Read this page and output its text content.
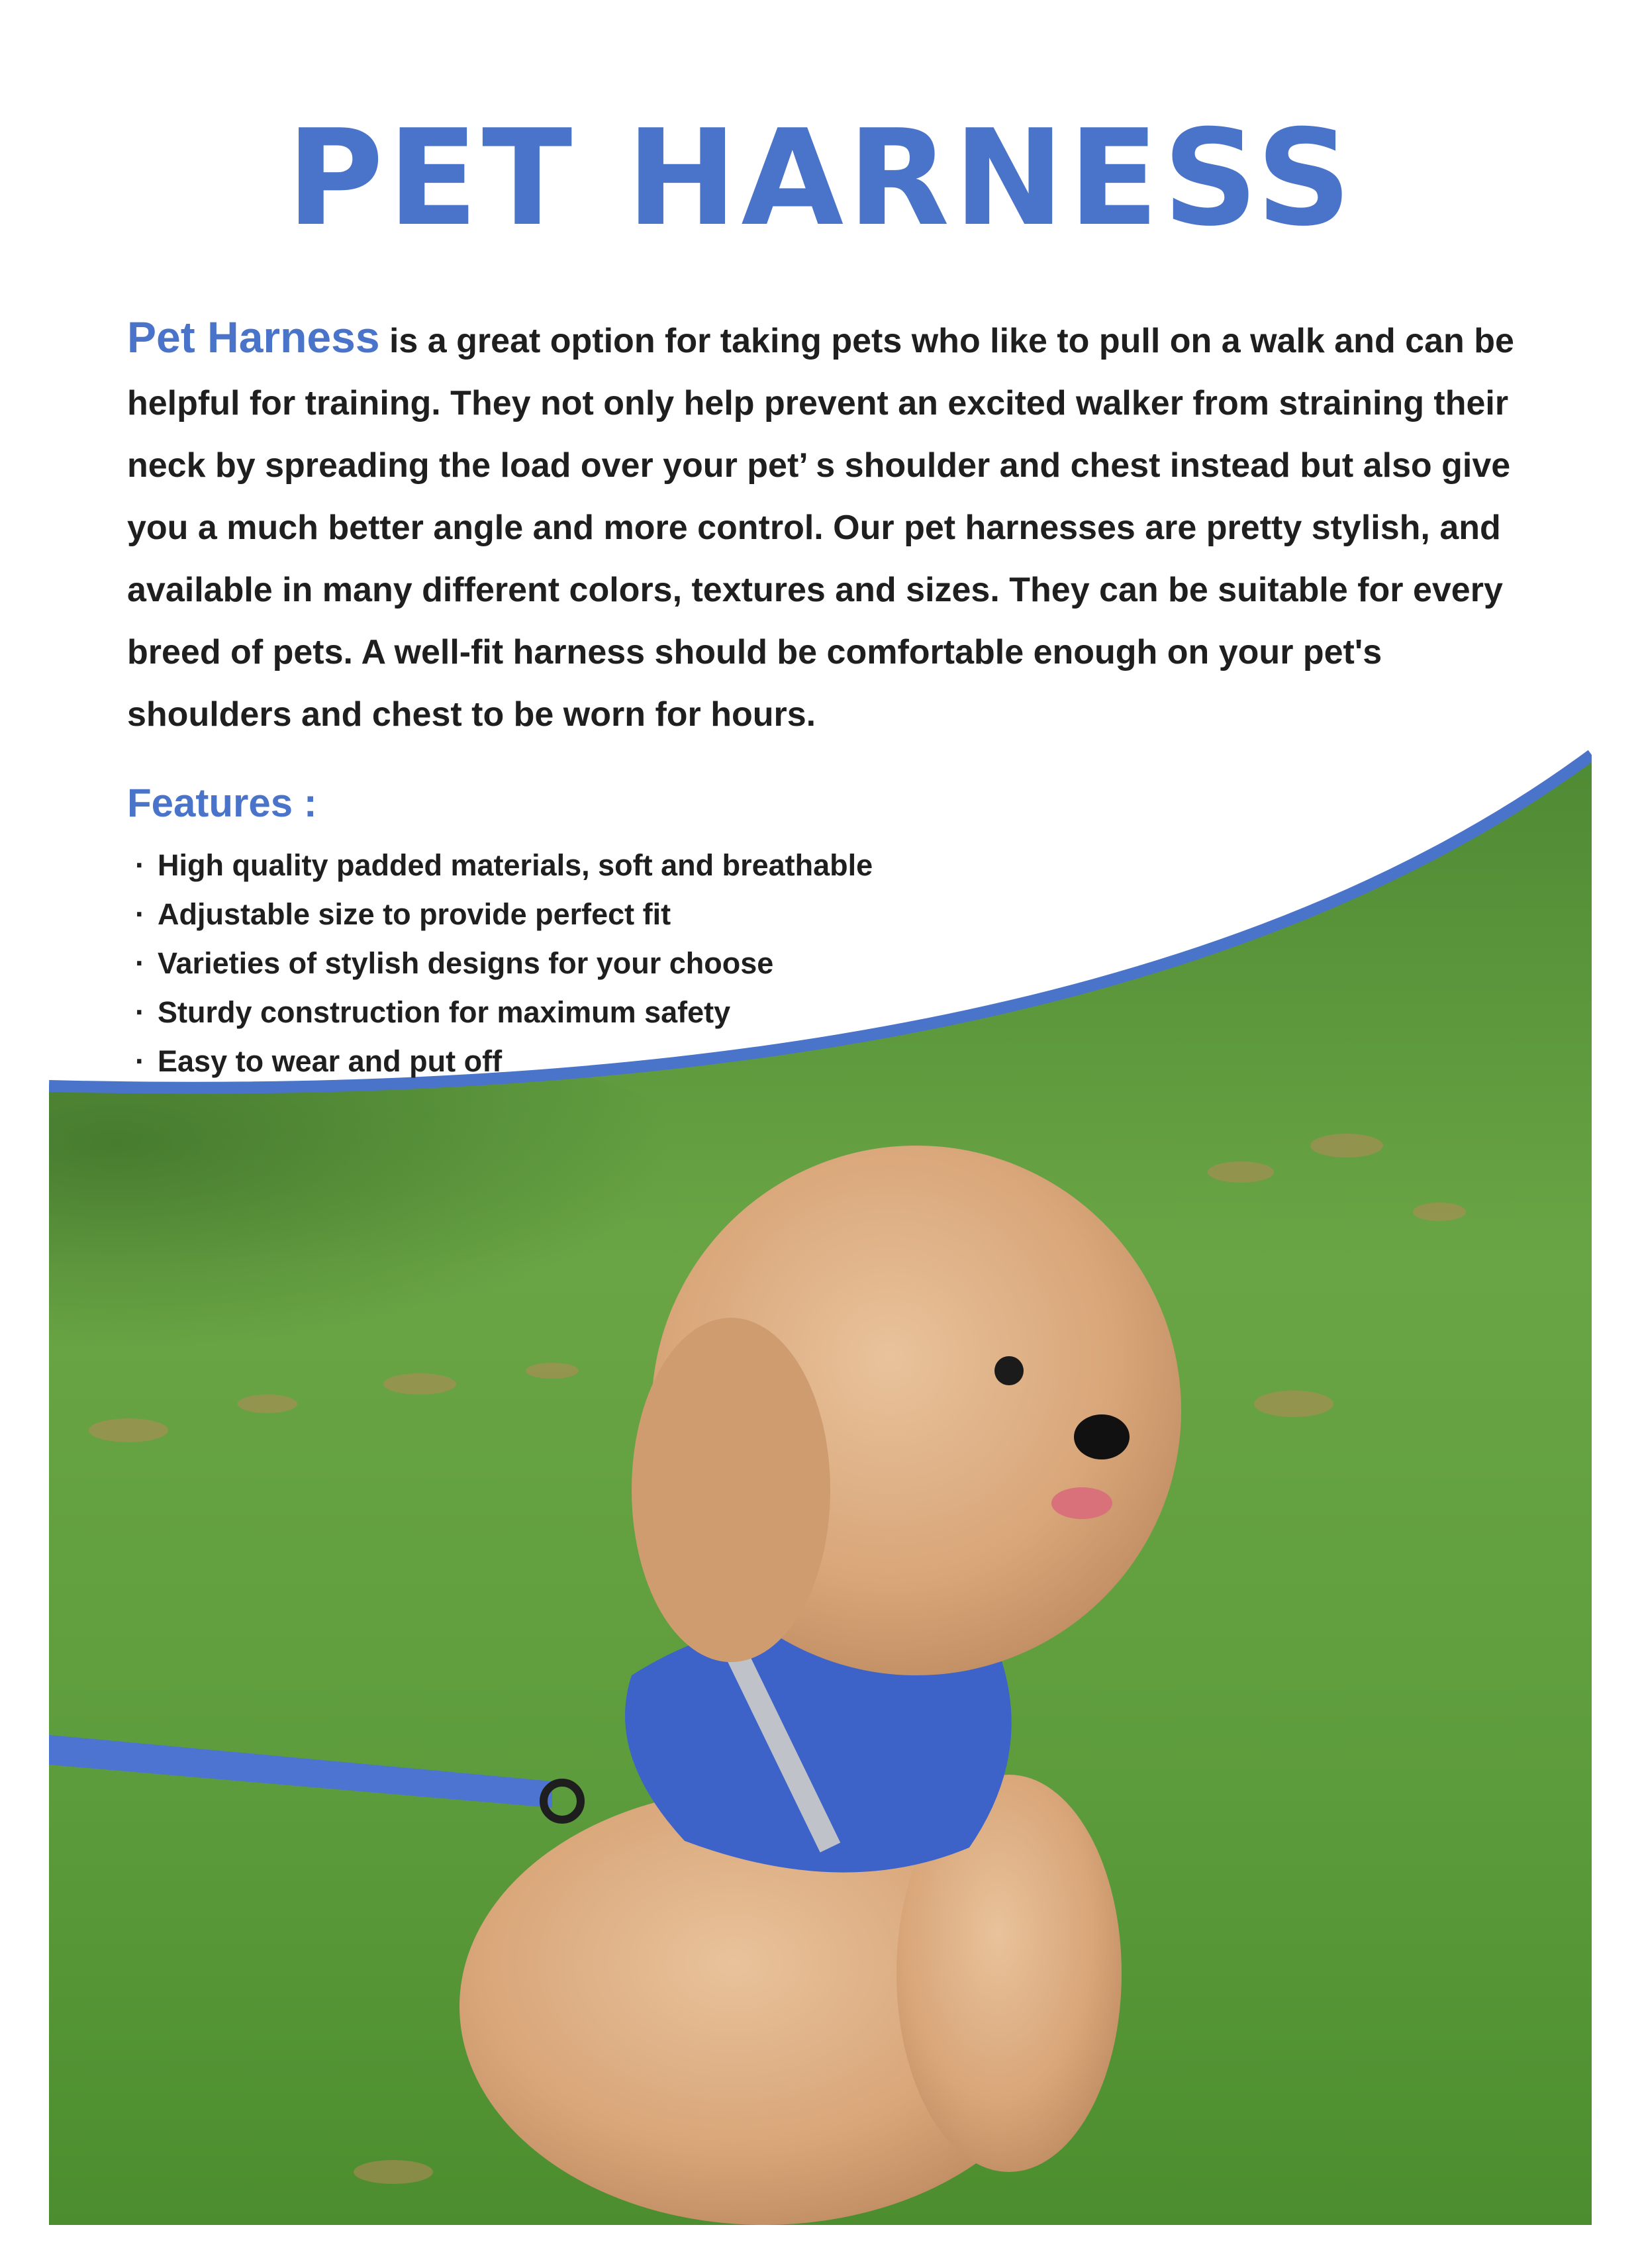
PET HARNESS

Pet Harness is a great option for taking pets who like to pull on a walk and can be helpful for training. They not only help prevent an excited walker from straining their neck by spreading the load over your pet’ s shoulder and chest instead but also give you a much better angle and more control. Our pet harnesses are pretty stylish, and available in many different colors, textures and sizes. They can be suitable for every breed of pets. A well-fit harness should be comfortable enough on your pet's shoulders and chest to be worn for hours.

Features :
· High quality padded materials, soft and breathable
· Adjustable size to provide perfect fit
· Varieties of stylish designs for your choose
· Sturdy construction for maximum safety
· Easy to wear and put off
